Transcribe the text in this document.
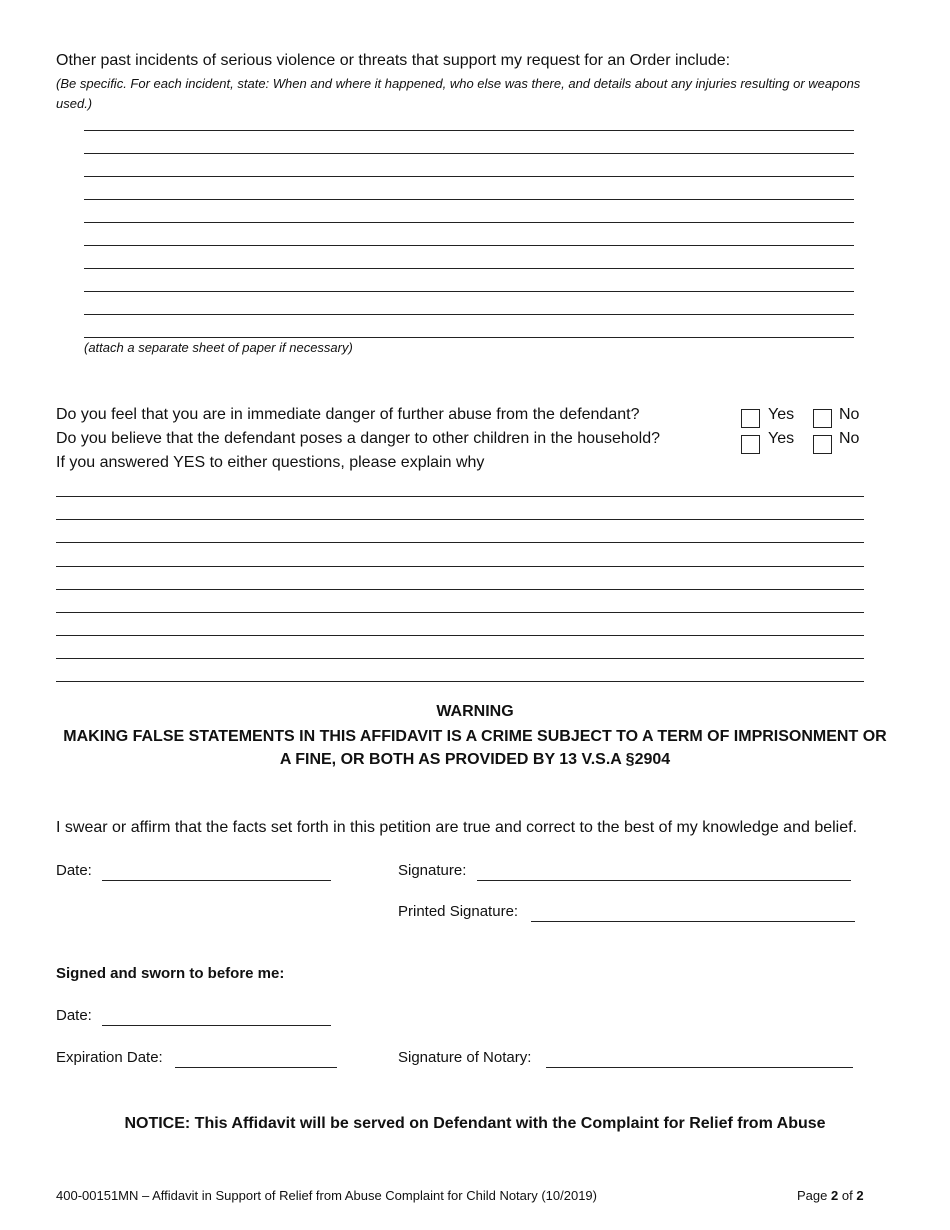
Other past incidents of serious violence or threats that support my request for an Order include:
(Be specific. For each incident, state: When and where it happened, who else was there, and details about any injuries resulting or weapons used.)
(attach a separate sheet of paper if necessary)
Do you feel that you are in immediate danger of further abuse from the defendant?
Do you believe that the defendant poses a danger to other children in the household?
If you answered YES to either questions, please explain why
Yes	No
Yes	No
WARNING
MAKING FALSE STATEMENTS IN THIS AFFIDAVIT IS A CRIME SUBJECT TO A TERM OF IMPRISONMENT OR A FINE, OR BOTH AS PROVIDED BY 13 V.S.A §2904
I swear or affirm that the facts set forth in this petition are true and correct to the best of my knowledge and belief.
Date:	Signature:
Printed Signature:
Signed and sworn to before me:
Date:
Expiration Date:	Signature of Notary:
NOTICE: This Affidavit will be served on Defendant with the Complaint for Relief from Abuse
400-00151MN – Affidavit in Support of Relief from Abuse Complaint for Child Notary (10/2019)	Page 2 of 2
